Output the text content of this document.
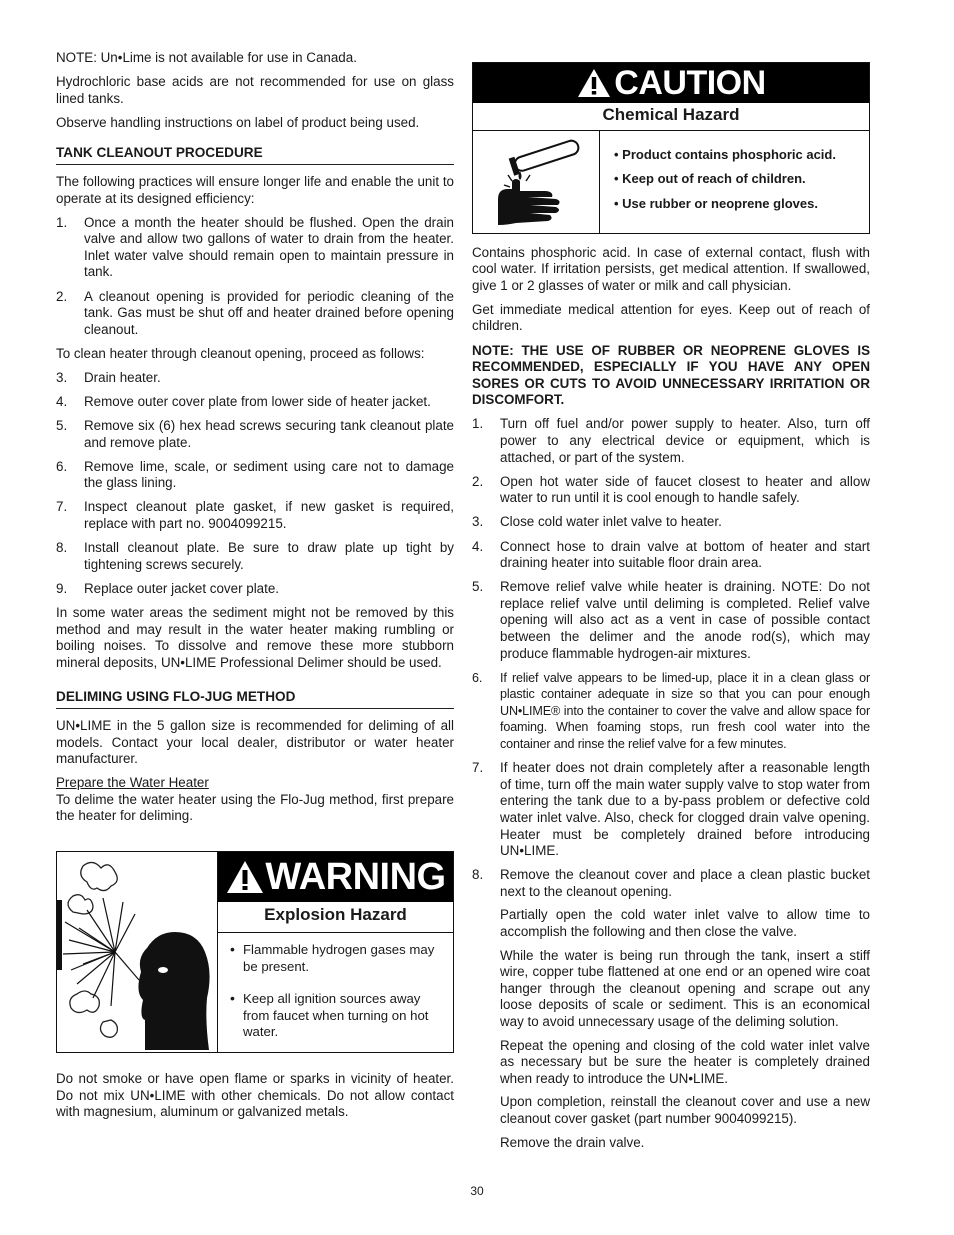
NOTE: Un•Lime is not available for use in Canada.

Hydrochloric base acids are not recommended for use on glass lined tanks.

Observe handling instructions on label of product being used.

TANK CLEANOUT PROCEDURE

The following practices will ensure longer life and enable the unit to operate at its designed efficiency:

1. Once a month the heater should be flushed. Open the drain valve and allow two gallons of water to drain from the heater. Inlet water valve should remain open to maintain pressure in tank.
2. A cleanout opening is provided for periodic cleaning of the tank. Gas must be shut off and heater drained before opening cleanout.

To clean heater through cleanout opening, proceed as follows:

3. Drain heater.
4. Remove outer cover plate from lower side of heater jacket.
5. Remove six (6) hex head screws securing tank cleanout plate and remove plate.
6. Remove lime, scale, or sediment using care not to damage the glass lining.
7. Inspect cleanout plate gasket, if new gasket is required, replace with part no. 9004099215.
8. Install cleanout plate. Be sure to draw plate up tight by tightening screws securely.
9. Replace outer jacket cover plate.

In some water areas the sediment might not be removed by this method and may result in the water heater making rumbling or boiling noises. To dissolve and remove these more stubborn mineral deposits, UN•LIME Professional Delimer should be used.

DELIMING USING FLO-JUG METHOD

UN•LIME in the 5 gallon size is recommended for deliming of all models. Contact your local dealer, distributor or water heater manufacturer.

Prepare the Water Heater

To delime the water heater using the Flo-Jug method, first prepare the heater for deliming.

WARNING
Explosion Hazard
• Flammable hydrogen gases may be present.
• Keep all ignition sources away from faucet when turning on hot water.
Do not smoke or have open flame or sparks in vicinity of heater. Do not mix UN•LIME with other chemicals. Do not allow contact with magnesium, aluminum or galvanized metals.
CAUTION
Chemical Hazard
• Product contains phosphoric acid.
• Keep out of reach of children.
• Use rubber or neoprene gloves.

Contains phosphoric acid. In case of external contact, flush with cool water. If irritation persists, get medical attention. If swallowed, give 1 or 2 glasses of water or milk and call physician.

Get immediate medical attention for eyes. Keep out of reach of children.

NOTE: THE USE OF RUBBER OR NEOPRENE GLOVES IS RECOMMENDED, ESPECIALLY IF YOU HAVE ANY OPEN SORES OR CUTS TO AVOID UNNECESSARY IRRITATION OR DISCOMFORT.

1. Turn off fuel and/or power supply to heater. Also, turn off power to any electrical device or equipment, which is attached, or part of the system.
2. Open hot water side of faucet closest to heater and allow water to run until it is cool enough to handle safely.
3. Close cold water inlet valve to heater.
4. Connect hose to drain valve at bottom of heater and start draining heater into suitable floor drain area.
5. Remove relief valve while heater is draining. NOTE: Do not replace relief valve until deliming is completed. Relief valve opening will also act as a vent in case of possible contact between the delimer and the anode rod(s), which may produce flammable hydrogen-air mixtures.
6. If relief valve appears to be limed-up, place it in a clean glass or plastic container adequate in size so that you can pour enough UN•LIME® into the container to cover the valve and allow space for foaming. When foaming stops, run fresh cool water into the container and rinse the relief valve for a few minutes.
7. If heater does not drain completely after a reasonable length of time, turn off the main water supply valve to stop water from entering the tank due to a by-pass problem or defective cold water inlet valve. Also, check for clogged drain valve opening. Heater must be completely drained before introducing UN•LIME.
8. Remove the cleanout cover and place a clean plastic bucket next to the cleanout opening.

Partially open the cold water inlet valve to allow time to accomplish the following and then close the valve.

While the water is being run through the tank, insert a stiff wire, copper tube flattened at one end or an opened wire coat hanger through the cleanout opening and scrape out any loose deposits of scale or sediment. This is an economical way to avoid unnecessary usage of the deliming solution.

Repeat the opening and closing of the cold water inlet valve as necessary but be sure the heater is completely drained when ready to introduce the UN•LIME.

Upon completion, reinstall the cleanout cover and use a new cleanout cover gasket (part number 9004099215).

Remove the drain valve.

30
